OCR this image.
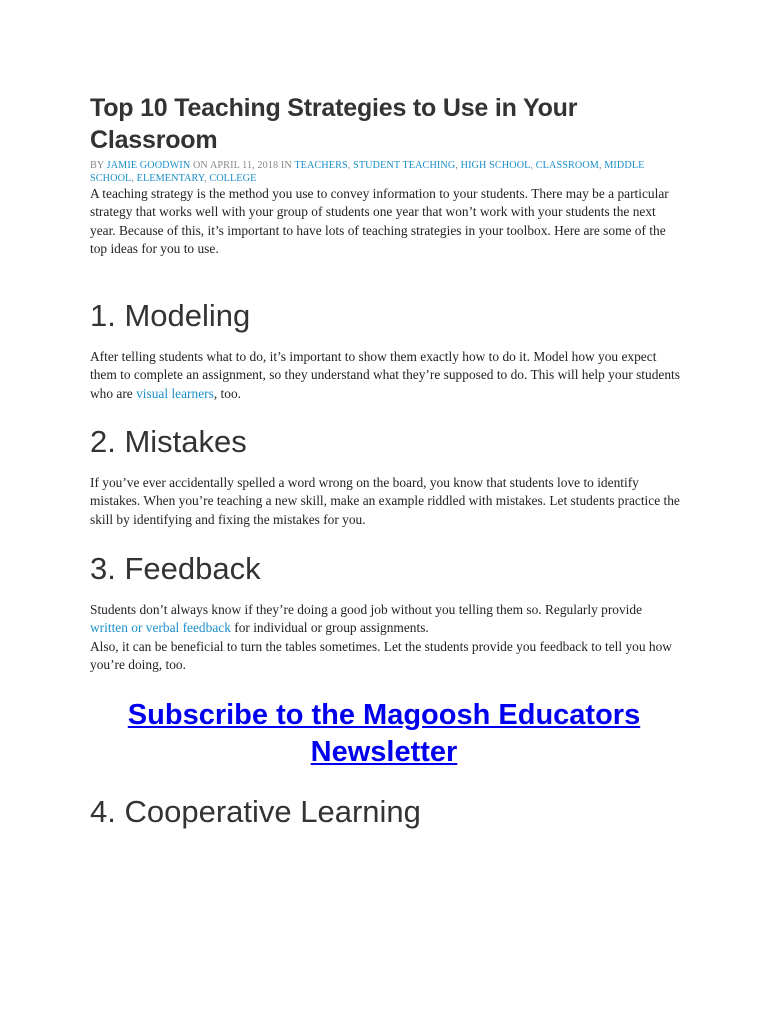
Top 10 Teaching Strategies to Use in Your Classroom
BY JAMIE GOODWIN ON APRIL 11, 2018 IN TEACHERS, STUDENT TEACHING, HIGH SCHOOL, CLASSROOM, MIDDLE SCHOOL, ELEMENTARY, COLLEGE

A teaching strategy is the method you use to convey information to your students. There may be a particular strategy that works well with your group of students one year that won’t work with your students the next year. Because of this, it’s important to have lots of teaching strategies in your toolbox. Here are some of the top ideas for you to use.

1. Modeling

After telling students what to do, it’s important to show them exactly how to do it. Model how you expect them to complete an assignment, so they understand what they’re supposed to do. This will help your students who are visual learners, too.

2. Mistakes

If you’ve ever accidentally spelled a word wrong on the board, you know that students love to identify mistakes. When you’re teaching a new skill, make an example riddled with mistakes. Let students practice the skill by identifying and fixing the mistakes for you.

3. Feedback

Students don’t always know if they’re doing a good job without you telling them so. Regularly provide written or verbal feedback for individual or group assignments.

Also, it can be beneficial to turn the tables sometimes. Let the students provide you feedback to tell you how you’re doing, too.

Subscribe to the Magoosh Educators
Newsletter
4. Cooperative Learning
